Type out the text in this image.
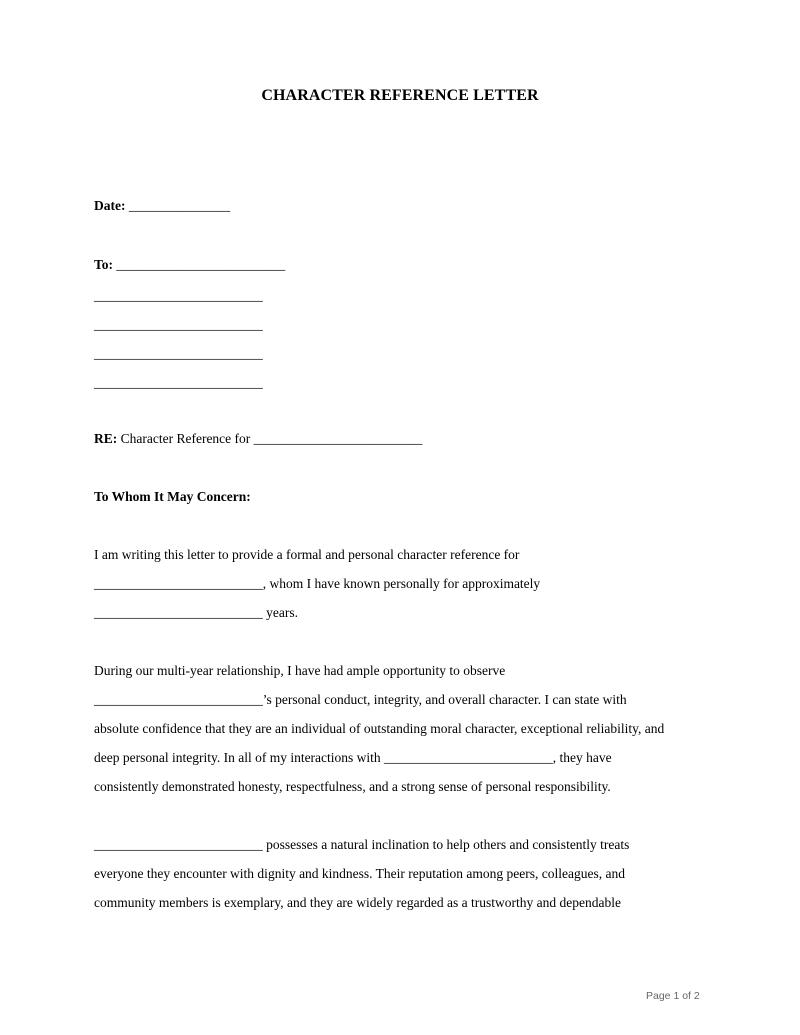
CHARACTER REFERENCE LETTER
Date: _______________
To: _________________________
_________________________
_________________________
_________________________
_________________________
RE: Character Reference for _________________________
To Whom It May Concern:
I am writing this letter to provide a formal and personal character reference for
_________________________, whom I have known personally for approximately
_________________________ years.
During our multi-year relationship, I have had ample opportunity to observe
_________________________’s personal conduct, integrity, and overall character. I can state with
absolute confidence that they are an individual of outstanding moral character, exceptional reliability, and
deep personal integrity. In all of my interactions with _________________________, they have
consistently demonstrated honesty, respectfulness, and a strong sense of personal responsibility.
_________________________ possesses a natural inclination to help others and consistently treats
everyone they encounter with dignity and kindness. Their reputation among peers, colleagues, and
community members is exemplary, and they are widely regarded as a trustworthy and dependable
Page 1 of 2
